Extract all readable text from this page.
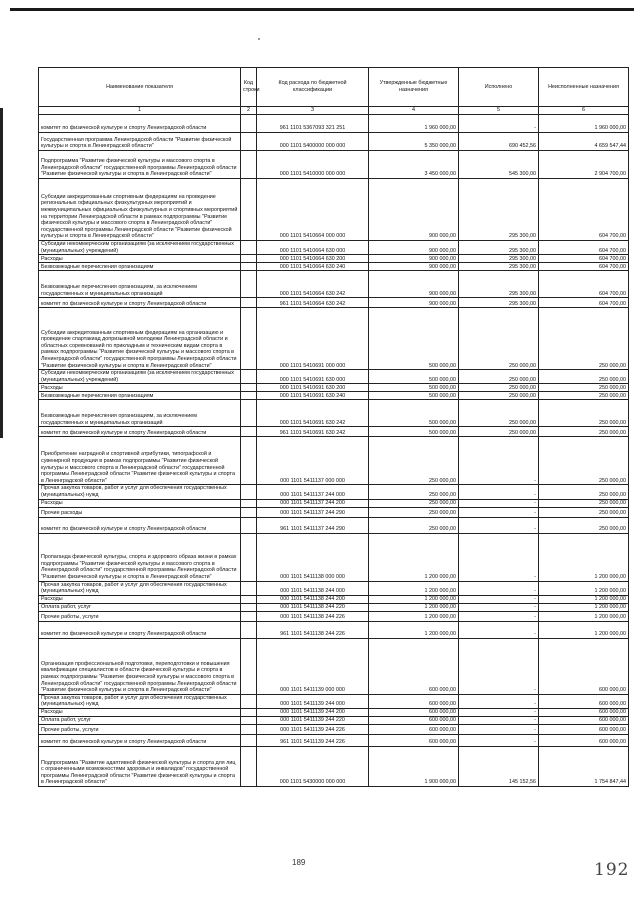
Наименование показателя	Код строки	Код расхода по бюджетной классификации	Утвержденные бюджетные назначения	Исполнено	Неисполненные назначения
1	2	3	4	5	6
комитет по физической культуре и спорту Ленинградской области		961 1101 5367093 321 251	1 960 000,00	-	1 960 000,00
Государственная программа Ленинградской области "Развитие физической культуры и спорта в Ленинградской области"		000 1101 5400000 000 000	5 350 000,00	690 452,56	4 659 547,44
Подпрограмма "Развитие физической культуры и массового спорта в Ленинградской области" государственной программы Ленинградской области "Развитие физической культуры и спорта в Ленинградской области"		000 1101 5410000 000 000	3 450 000,00	545 300,00	2 904 700,00
Субсидии аккредитованным спортивным федерациям на проведение региональных официальных физкультурных мероприятий и межмуниципальных официальных физкультурных и спортивных мероприятий на территории Ленинградской области в рамках подпрограммы "Развитие физической культуры и массового спорта в Ленинградской области" государственной программы Ленинградской области "Развитие физической культуры и спорта в Ленинградской области"		000 1101 5410664 000 000	900 000,00	295 300,00	604 700,00
Субсидии некоммерческим организациям (за исключением государственных (муниципальных) учреждений)		000 1101 5410664 630 000	900 000,00	295 300,00	604 700,00
Расходы		000 1101 5410664 630 200	900 000,00	295 300,00	604 700,00
Безвозмездные перечисления организациям		000 1101 5410664 630 240	900 000,00	295 300,00	604 700,00
Безвозмездные перечисления организациям, за исключением государственных и муниципальных организаций		000 1101 5410664 630 242	900 000,00	295 300,00	604 700,00
комитет по физической культуре и спорту Ленинградской области		961 1101 5410664 630 242	900 000,00	295 300,00	604 700,00
Субсидии аккредитованным спортивным федерациям на организацию и проведение спартакиад допризывной молодежи Ленинградской области и областных соревнований по прикладным и техническим видам спорта в рамках подпрограммы "Развитие физической культуры и массового спорта в Ленинградской области" государственной программы Ленинградской области "Развитие физической культуры и спорта в Ленинградской области"		000 1101 5410691 000 000	500 000,00	250 000,00	250 000,00
Субсидии некоммерческим организациям (за исключением государственных (муниципальных) учреждений)		000 1101 5410691 630 000	500 000,00	250 000,00	250 000,00
Расходы		000 1101 5410691 630 200	500 000,00	250 000,00	250 000,00
Безвозмездные перечисления организациям		000 1101 5410691 630 240	500 000,00	250 000,00	250 000,00
Безвозмездные перечисления организациям, за исключением государственных и муниципальных организаций		000 1101 5410691 630 242	500 000,00	250 000,00	250 000,00
комитет по физической культуре и спорту Ленинградской области		961 1101 5410691 630 242	500 000,00	250 000,00	250 000,00
Приобретение наградной и спортивной атрибутики, типографской и сувенирной продукции в рамках подпрограммы "Развитие физической культуры и массового спорта в Ленинградской области" государственной программы Ленинградской области "Развитие физической культуры и спорта в Ленинградской области"		000 1101 5411137 000 000	250 000,00	-	250 000,00
Прочая закупка товаров, работ и услуг для обеспечения государственных (муниципальных) нужд		000 1101 5411137 244 000	250 000,00	-	250 000,00
Расходы		000 1101 5411137 244 200	250 000,00	-	250 000,00
Прочие расходы		000 1101 5411137 244 290	250 000,00	-	250 000,00
комитет по физической культуре и спорту Ленинградской области		961 1101 5411137 244 290	250 000,00	-	250 000,00
Пропаганда физической культуры, спорта и здорового образа жизни в рамках подпрограммы "Развитие физической культуры и массового спорта в Ленинградской области" государственной программы Ленинградской области "Развитие физической культуры и спорта в Ленинградской области"		000 1101 5411138 000 000	1 200 000,00	-	1 200 000,00
Прочая закупка товаров, работ и услуг для обеспечения государственных (муниципальных) нужд		000 1101 5411138 244 000	1 200 000,00	-	1 200 000,00
Расходы		000 1101 5411138 244 200	1 200 000,00	-	1 200 000,00
Оплата работ, услуг		000 1101 5411138 244 220	1 200 000,00	-	1 200 000,00
Прочие работы, услуги		000 1101 5411138 244 226	1 200 000,00	-	1 200 000,00
комитет по физической культуре и спорту Ленинградской области		961 1101 5411138 244 226	1 200 000,00	-	1 200 000,00
Организация профессиональной подготовки, переподготовки и повышения квалификации специалистов в области физической культуры и спорта в рамках подпрограммы "Развитие физической культуры и массового спорта в Ленинградской области" государственной программы Ленинградской области "Развитие физической культуры и спорта в Ленинградской области"		000 1101 5411139 000 000	600 000,00	-	600 000,00
Прочая закупка товаров, работ и услуг для обеспечения государственных (муниципальных) нужд		000 1101 5411139 244 000	600 000,00	-	600 000,00
Расходы		000 1101 5411139 244 200	600 000,00	-	600 000,00
Оплата работ, услуг		000 1101 5411139 244 220	600 000,00	-	600 000,00
Прочие работы, услуги		000 1101 5411139 244 226	600 000,00	-	600 000,00
комитет по физической культуре и спорту Ленинградской области		961 1101 5411139 244 226	600 000,00	-	600 000,00
Подпрограмма "Развитие адаптивной физической культуры и спорта для лиц с ограниченными возможностями здоровья и инвалидов" государственной программы Ленинградской области "Развитие физической культуры и спорта в Ленинградской области"		000 1101 5430000 000 000	1 900 000,00	145 152,56	1 754 847,44
189	192
